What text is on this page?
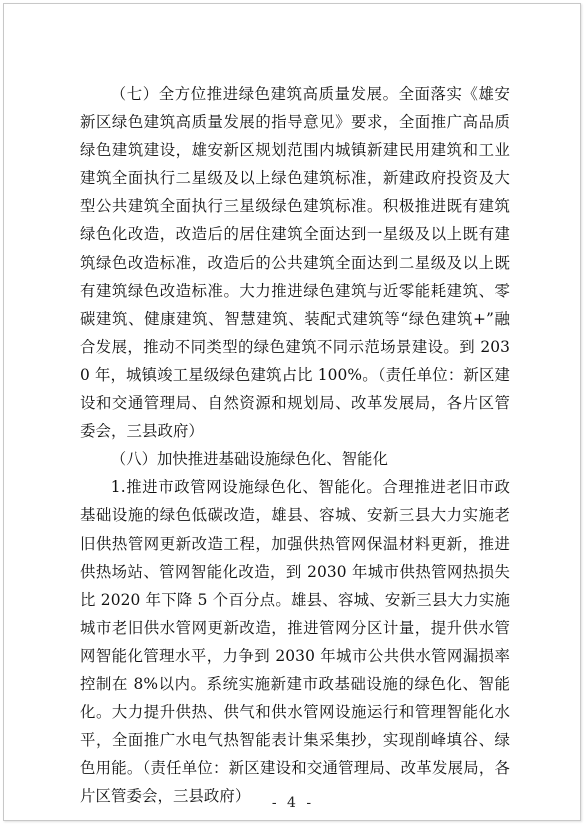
（七）全方位推进绿色建筑高质量发展。全面落实《雄安新区绿色建筑高质量发展的指导意见》要求，全面推广高品质绿色建筑建设，雄安新区规划范围内城镇新建民用建筑和工业建筑全面执行二星级及以上绿色建筑标准，新建政府投资及大型公共建筑全面执行三星级绿色建筑标准。积极推进既有建筑绿色化改造，改造后的居住建筑全面达到一星级及以上既有建筑绿色改造标准，改造后的公共建筑全面达到二星级及以上既有建筑绿色改造标准。大力推进绿色建筑与近零能耗建筑、零碳建筑、健康建筑、智慧建筑、装配式建筑等“绿色建筑+”融合发展，推动不同类型的绿色建筑不同示范场景建设。到 2030 年，城镇竣工星级绿色建筑占比 100%。（责任单位：新区建设和交通管理局、自然资源和规划局、改革发展局，各片区管委会，三县政府）

（八）加快推进基础设施绿色化、智能化

1.推进市政管网设施绿色化、智能化。合理推进老旧市政基础设施的绿色低碳改造，雄县、容城、安新三县大力实施老旧供热管网更新改造工程，加强供热管网保温材料更新，推进供热场站、管网智能化改造，到 2030 年城市供热管网热损失比 2020 年下降 5 个百分点。雄县、容城、安新三县大力实施城市老旧供水管网更新改造，推进管网分区计量，提升供水管网智能化管理水平，力争到 2030 年城市公共供水管网漏损率控制在 8%以内。系统实施新建市政基础设施的绿色化、智能化。大力提升供热、供气和供水管网设施运行和管理智能化水平，全面推广水电气热智能表计集采集抄，实现削峰填谷、绿色用能。（责任单位：新区建设和交通管理局、改革发展局，各片区管委会，三县政府）	- 4 -
